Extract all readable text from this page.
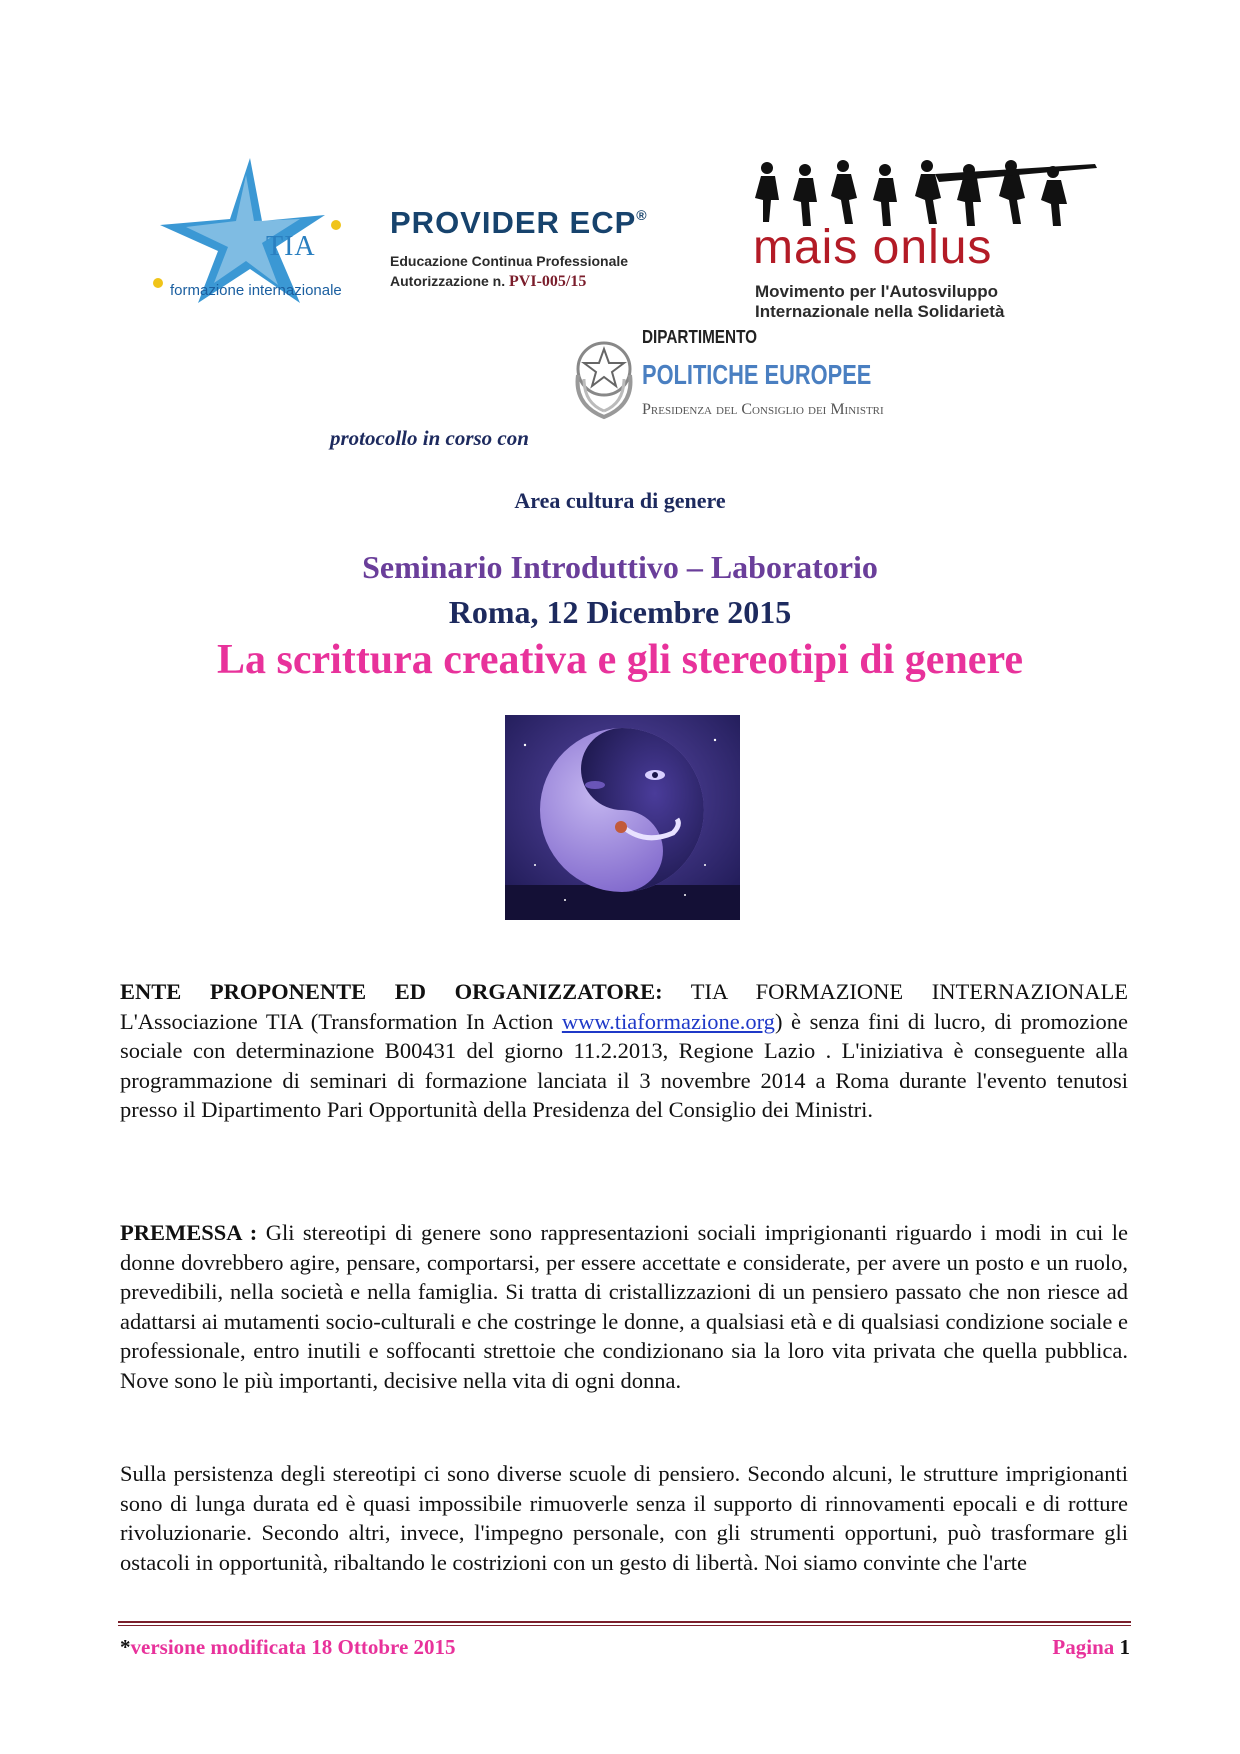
TIA
formazione internazionale
PROVIDER ECP®
Educazione Continua Professionale
Autorizzazione n. PVI-005/15
mais onlus
Movimento per l'Autosviluppo
Internazionale nella Solidarietà
DIPARTIMENTO
POLITICHE EUROPEE
Presidenza del Consiglio dei Ministri
protocollo in corso con
Area cultura di genere
Seminario Introduttivo – Laboratorio
Roma, 12 Dicembre 2015
La scrittura creativa e gli stereotipi di genere
ENTE PROPONENTE ED ORGANIZZATORE: TIA FORMAZIONE INTERNAZIONALE L'Associazione TIA (Transformation In Action www.tiaformazione.org) è senza fini di lucro, di promozione sociale con determinazione B00431 del giorno 11.2.2013, Regione Lazio . L'iniziativa è conseguente alla programmazione di seminari di formazione lanciata il 3 novembre 2014 a Roma durante l'evento tenutosi presso il Dipartimento Pari Opportunità della Presidenza del Consiglio dei Ministri.
PREMESSA : Gli stereotipi di genere sono rappresentazioni sociali imprigionanti riguardo i modi in cui le donne dovrebbero agire, pensare, comportarsi, per essere accettate e considerate, per avere un posto e un ruolo, prevedibili, nella società e nella famiglia. Si tratta di cristallizzazioni di un pensiero passato che non riesce ad adattarsi ai mutamenti socio-culturali e che costringe le donne, a qualsiasi età e di qualsiasi condizione sociale e professionale, entro inutili e soffocanti strettoie che condizionano sia la loro vita privata che quella pubblica. Nove sono le più importanti, decisive nella vita di ogni donna.
Sulla persistenza degli stereotipi ci sono diverse scuole di pensiero. Secondo alcuni, le strutture imprigionanti sono di lunga durata ed è quasi impossibile rimuoverle senza il supporto di rinnovamenti epocali e di rotture rivoluzionarie. Secondo altri, invece, l'impegno personale, con gli strumenti opportuni, può trasformare gli ostacoli in opportunità, ribaltando le costrizioni con un gesto di libertà. Noi siamo convinte che l'arte
*versione modificata 18 Ottobre 2015	Pagina 1
